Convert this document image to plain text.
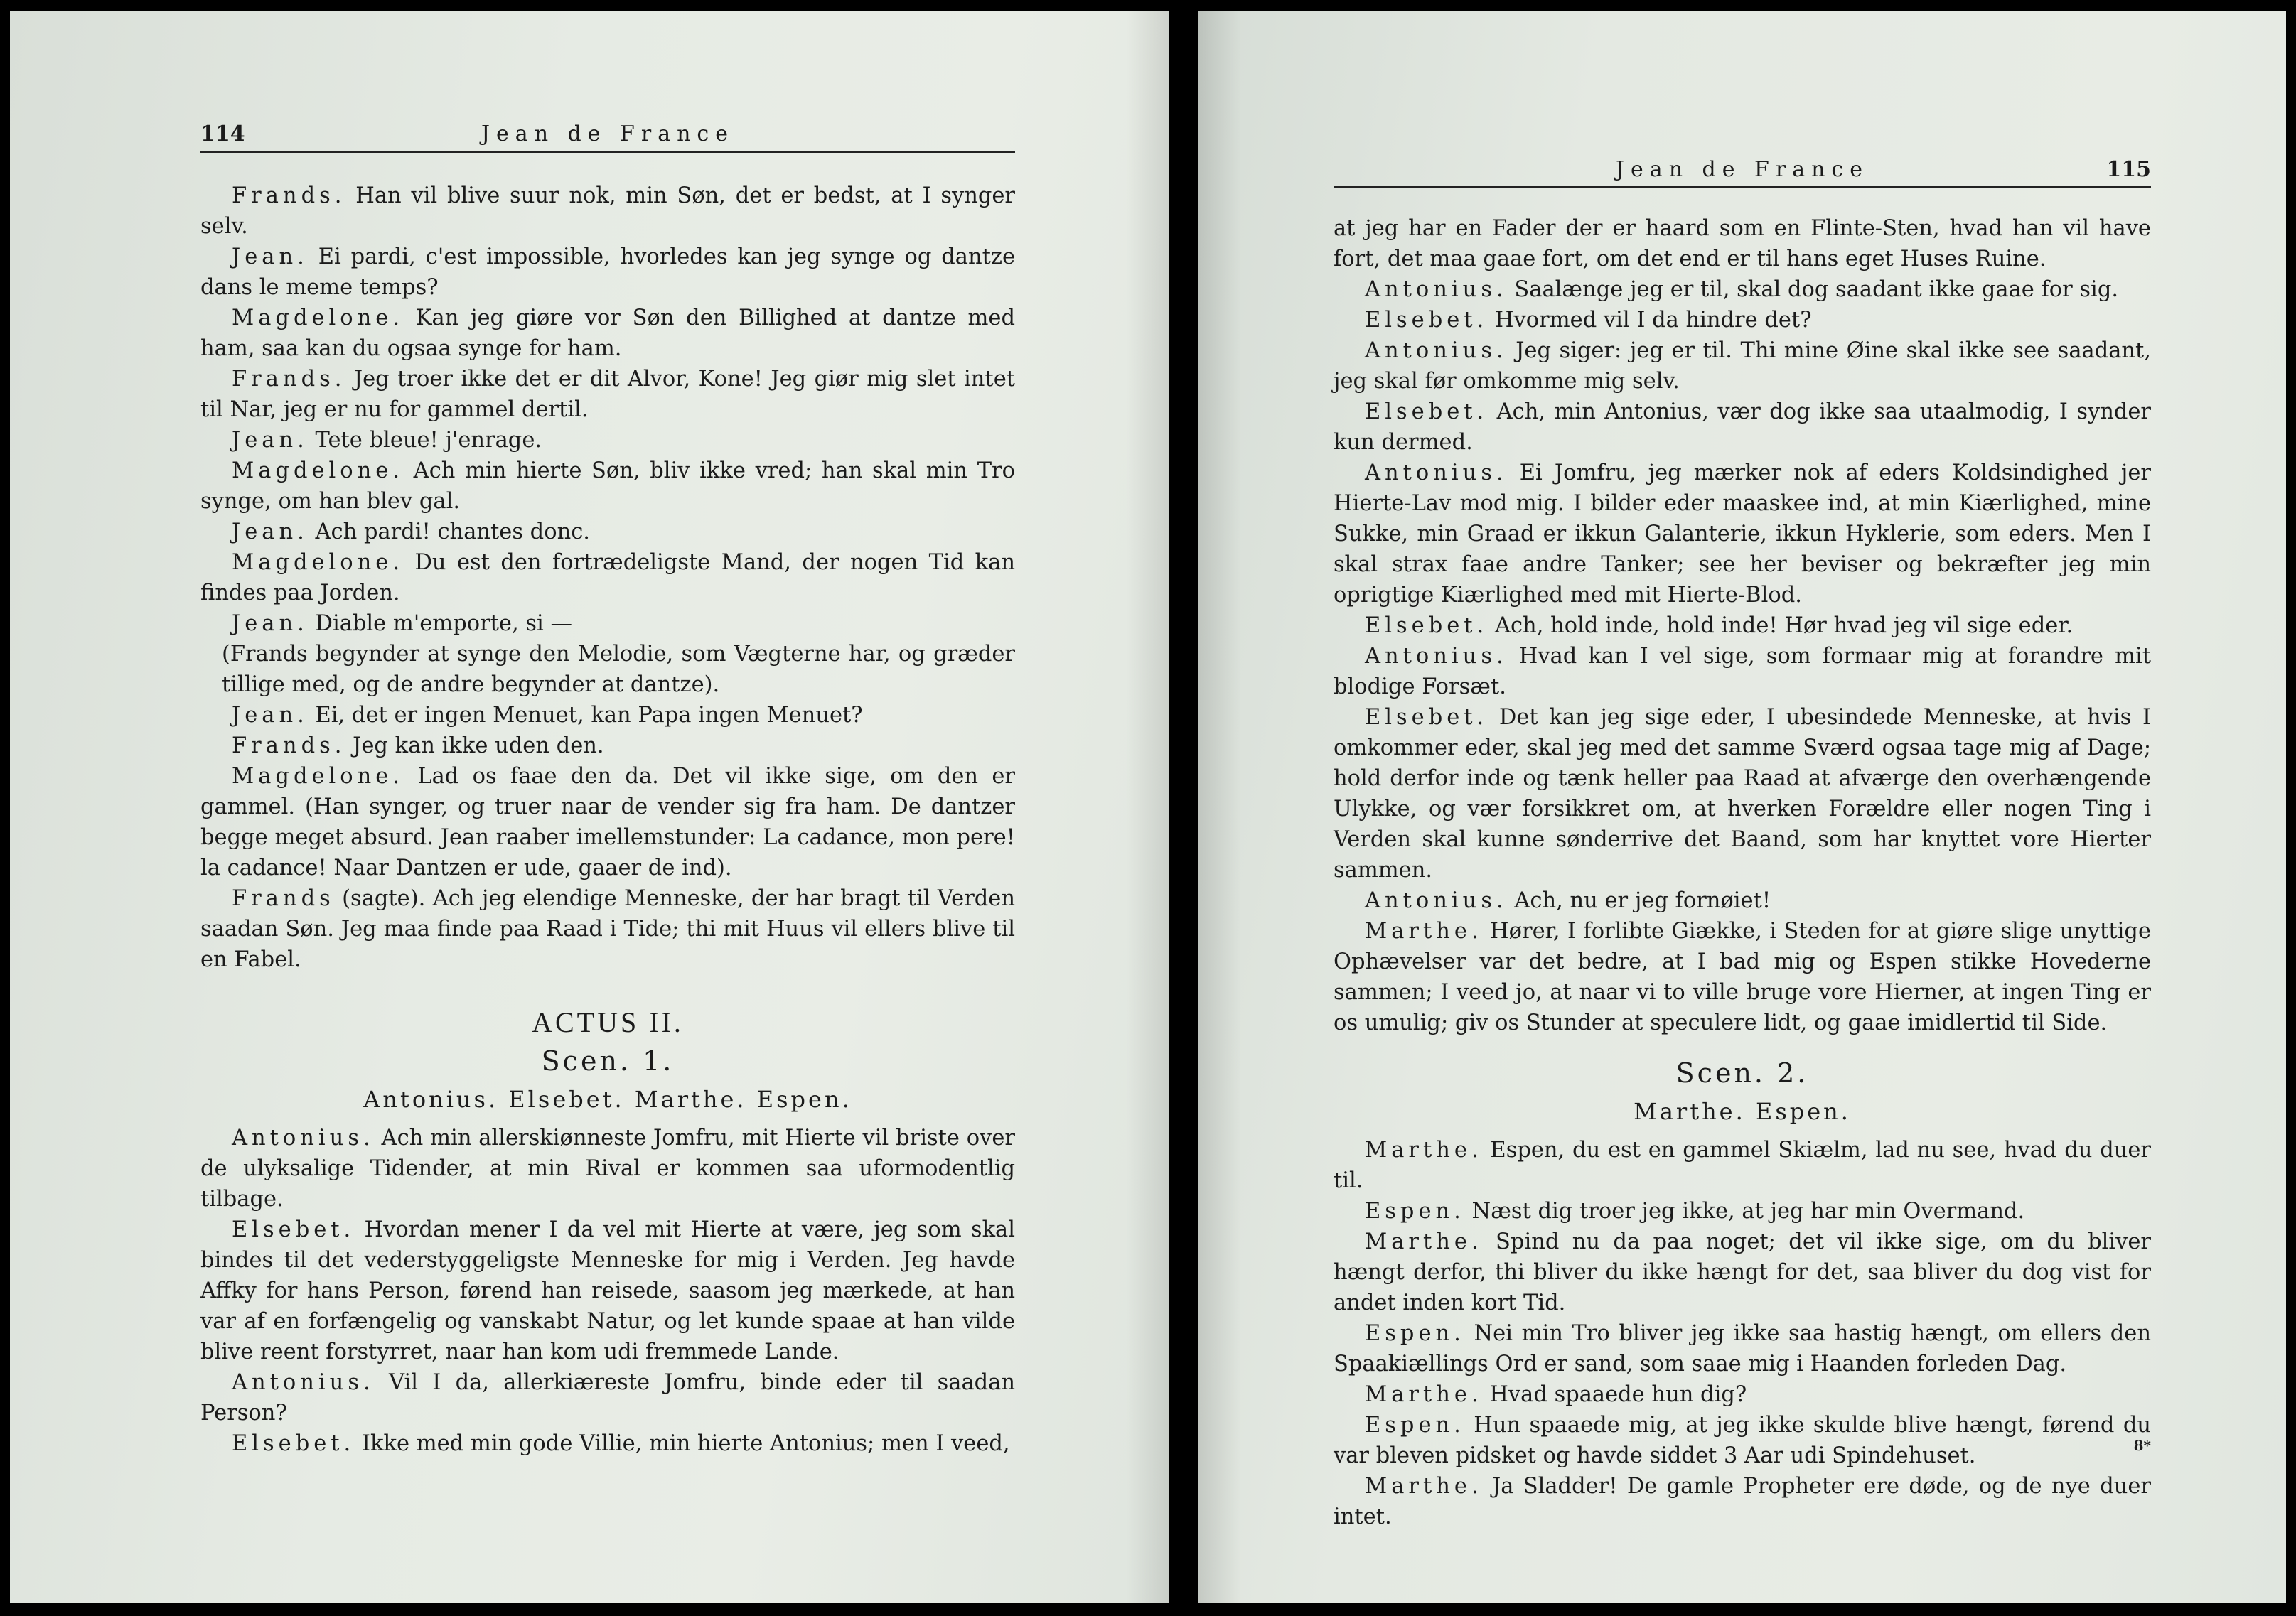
114	Jean de France

Frands. Han vil blive suur nok, min Søn, det er bedst, at I synger selv.

Jean. Ei pardi, c'est impossible, hvorledes kan jeg synge og dantze dans le meme temps?

Magdelone. Kan jeg giøre vor Søn den Billighed at dantze med ham, saa kan du ogsaa synge for ham.

Frands. Jeg troer ikke det er dit Alvor, Kone! Jeg giør mig slet intet til Nar, jeg er nu for gammel dertil.

Jean. Tete bleue! j'enrage.

Magdelone. Ach min hierte Søn, bliv ikke vred; han skal min Tro synge, om han blev gal.

Jean. Ach pardi! chantes donc.

Magdelone. Du est den fortrædeligste Mand, der nogen Tid kan findes paa Jorden.

Jean. Diable m'emporte, si —

(Frands begynder at synge den Melodie, som Vægterne har, og græder tillige med, og de andre begynder at dantze).

Jean. Ei, det er ingen Menuet, kan Papa ingen Menuet?

Frands. Jeg kan ikke uden den.

Magdelone. Lad os faae den da. Det vil ikke sige, om den er gammel. (Han synger, og truer naar de vender sig fra ham. De dantzer begge meget absurd. Jean raaber imellemstunder: La cadance, mon pere! la cadance! Naar Dantzen er ude, gaaer de ind).

Frands (sagte). Ach jeg elendige Menneske, der har bragt til Verden saadan Søn. Jeg maa finde paa Raad i Tide; thi mit Huus vil ellers blive til en Fabel.

ACTUS II.

Scen. 1.

Antonius. Elsebet. Marthe. Espen.

Antonius. Ach min allerskiønneste Jomfru, mit Hierte vil briste over de ulyksalige Tidender, at min Rival er kommen saa uformodentlig tilbage.

Elsebet. Hvordan mener I da vel mit Hierte at være, jeg som skal bindes til det vederstyggeligste Menneske for mig i Verden. Jeg havde Affky for hans Person, førend han reisede, saasom jeg mærkede, at han var af en forfængelig og vanskabt Natur, og let kunde spaae at han vilde blive reent forstyrret, naar han kom udi fremmede Lande.

Antonius. Vil I da, allerkiæreste Jomfru, binde eder til saadan Person?

Elsebet. Ikke med min gode Villie, min hierte Antonius; men I veed,

Jean de France	115

at jeg har en Fader der er haard som en Flinte-Sten, hvad han vil have fort, det maa gaae fort, om det end er til hans eget Huses Ruine.

Antonius. Saalænge jeg er til, skal dog saadant ikke gaae for sig.

Elsebet. Hvormed vil I da hindre det?

Antonius. Jeg siger: jeg er til. Thi mine Øine skal ikke see saadant, jeg skal før omkomme mig selv.

Elsebet. Ach, min Antonius, vær dog ikke saa utaalmodig, I synder kun dermed.

Antonius. Ei Jomfru, jeg mærker nok af eders Koldsindighed jer Hierte-Lav mod mig. I bilder eder maaskee ind, at min Kiærlighed, mine Sukke, min Graad er ikkun Galanterie, ikkun Hyklerie, som eders. Men I skal strax faae andre Tanker; see her beviser og bekræfter jeg min oprigtige Kiærlighed med mit Hierte-Blod.

Elsebet. Ach, hold inde, hold inde! Hør hvad jeg vil sige eder.

Antonius. Hvad kan I vel sige, som formaar mig at forandre mit blodige Forsæt.

Elsebet. Det kan jeg sige eder, I ubesindede Menneske, at hvis I omkommer eder, skal jeg med det samme Sværd ogsaa tage mig af Dage; hold derfor inde og tænk heller paa Raad at afværge den overhængende Ulykke, og vær forsikkret om, at hverken Forældre eller nogen Ting i Verden skal kunne sønderrive det Baand, som har knyttet vore Hierter sammen.

Antonius. Ach, nu er jeg fornøiet!

Marthe. Hører, I forlibte Giække, i Steden for at giøre slige unyttige Ophævelser var det bedre, at I bad mig og Espen stikke Hovederne sammen; I veed jo, at naar vi to ville bruge vore Hierner, at ingen Ting er os umulig; giv os Stunder at speculere lidt, og gaae imidlertid til Side.

Scen. 2.

Marthe. Espen.

Marthe. Espen, du est en gammel Skiælm, lad nu see, hvad du duer til.

Espen. Næst dig troer jeg ikke, at jeg har min Overmand.

Marthe. Spind nu da paa noget; det vil ikke sige, om du bliver hængt derfor, thi bliver du ikke hængt for det, saa bliver du dog vist for andet inden kort Tid.

Espen. Nei min Tro bliver jeg ikke saa hastig hængt, om ellers den Spaakiællings Ord er sand, som saae mig i Haanden forleden Dag.

Marthe. Hvad spaaede hun dig?

Espen. Hun spaaede mig, at jeg ikke skulde blive hængt, førend du var bleven pidsket og havde siddet 3 Aar udi Spindehuset.

Marthe. Ja Sladder! De gamle Propheter ere døde, og de nye duer intet.

8*
